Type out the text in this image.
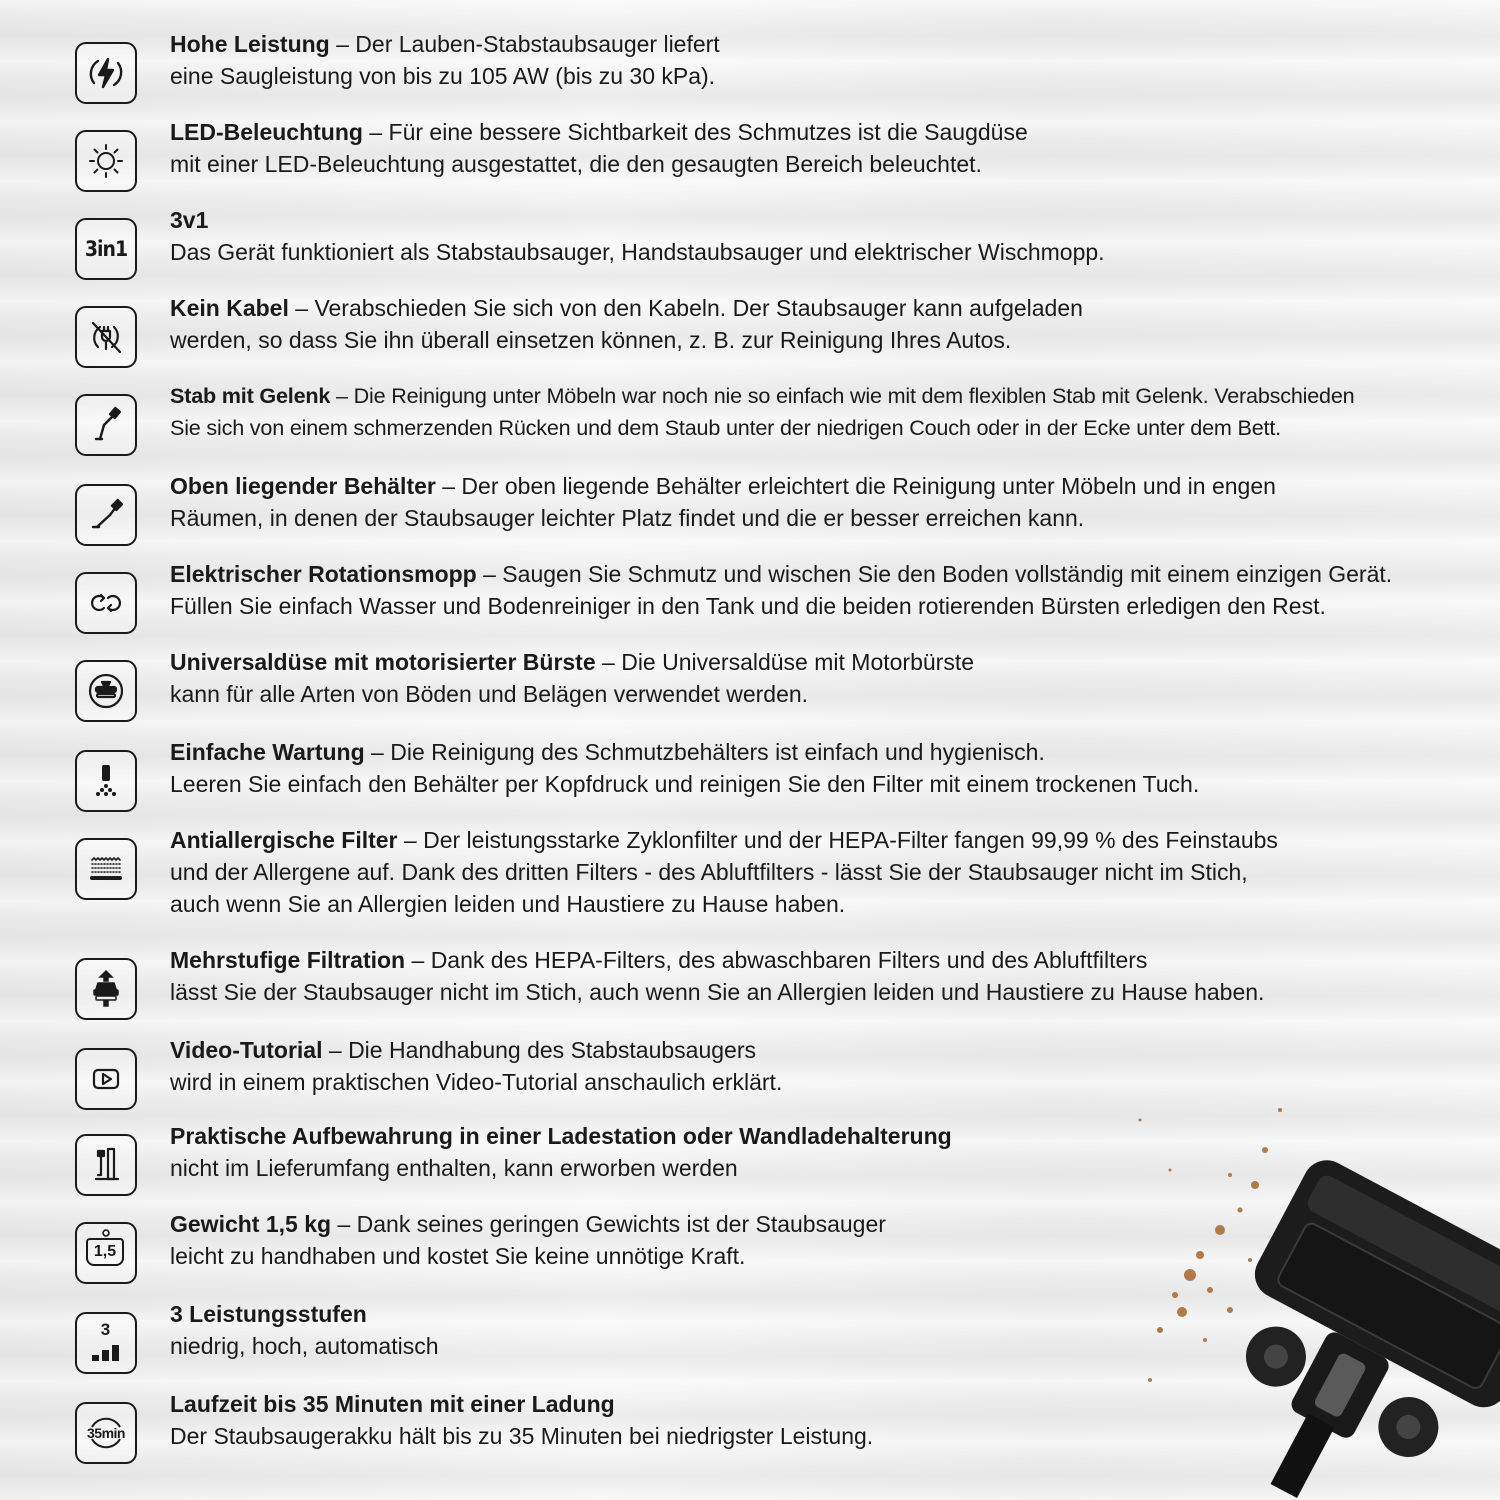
Hohe Leistung – Der Lauben-Stabstaubsauger liefert
eine Saugleistung von bis zu 105 AW (bis zu 30 kPa).
LED-Beleuchtung – Für eine bessere Sichtbarkeit des Schmutzes ist die Saugdüse
mit einer LED-Beleuchtung ausgestattet, die den gesaugten Bereich beleuchtet.
3in1
3v1
Das Gerät funktioniert als Stabstaubsauger, Handstaubsauger und elektrischer Wischmopp.
Kein Kabel – Verabschieden Sie sich von den Kabeln. Der Staubsauger kann aufgeladen
werden, so dass Sie ihn überall einsetzen können, z. B. zur Reinigung Ihres Autos.
Stab mit Gelenk – Die Reinigung unter Möbeln war noch nie so einfach wie mit dem flexiblen Stab mit Gelenk. Verabschieden
Sie sich von einem schmerzenden Rücken und dem Staub unter der niedrigen Couch oder in der Ecke unter dem Bett.
Oben liegender Behälter – Der oben liegende Behälter erleichtert die Reinigung unter Möbeln und in engen
Räumen, in denen der Staubsauger leichter Platz findet und die er besser erreichen kann.
Elektrischer Rotationsmopp – Saugen Sie Schmutz und wischen Sie den Boden vollständig mit einem einzigen Gerät.
Füllen Sie einfach Wasser und Bodenreiniger in den Tank und die beiden rotierenden Bürsten erledigen den Rest.
Universaldüse mit motorisierter Bürste – Die Universaldüse mit Motorbürste
kann für alle Arten von Böden und Belägen verwendet werden.
Einfache Wartung – Die Reinigung des Schmutzbehälters ist einfach und hygienisch.
Leeren Sie einfach den Behälter per Kopfdruck und reinigen Sie den Filter mit einem trockenen Tuch.
Antiallergische Filter – Der leistungsstarke Zyklonfilter und der HEPA-Filter fangen 99,99 % des Feinstaubs
und der Allergene auf. Dank des dritten Filters - des Abluftfilters - lässt Sie der Staubsauger nicht im Stich,
auch wenn Sie an Allergien leiden und Haustiere zu Hause haben.
Mehrstufige Filtration – Dank des HEPA-Filters, des abwaschbaren Filters und des Abluftfilters
lässt Sie der Staubsauger nicht im Stich, auch wenn Sie an Allergien leiden und Haustiere zu Hause haben.
Video-Tutorial – Die Handhabung des Stabstaubsaugers
wird in einem praktischen Video-Tutorial anschaulich erklärt.
Praktische Aufbewahrung in einer Ladestation oder Wandladehalterung
nicht im Lieferumfang enthalten, kann erworben werden
1,5
Gewicht 1,5 kg – Dank seines geringen Gewichts ist der Staubsauger
leicht zu handhaben und kostet Sie keine unnötige Kraft.
3
3 Leistungsstufen
niedrig, hoch, automatisch
35min
Laufzeit bis 35 Minuten mit einer Ladung
Der Staubsaugerakku hält bis zu 35 Minuten bei niedrigster Leistung.
